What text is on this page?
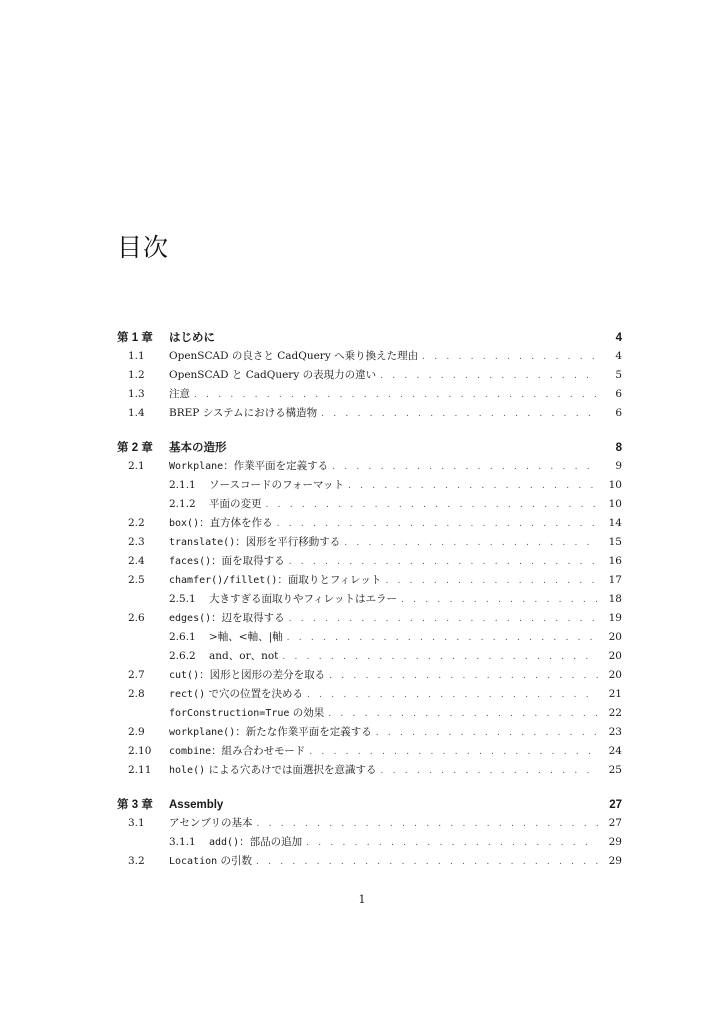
目次
第 1 章	はじめに	4
1.1	OpenSCAD の良さと CadQuery へ乗り換えた理由 . . .	4
1.2	OpenSCAD と CadQuery の表現力の違い . . .	5
1.3	注意 . . .	6
1.4	BREP システムにおける構造物 . . .	6
第 2 章	基本の造形	8
2.1	Workplane：作業平面を定義する . . .	9
2.1.1	ソースコードのフォーマット . . .	10
2.1.2	平面の変更 . . .	10
2.2	box()：直方体を作る . . .	14
2.3	translate()：図形を平行移動する . . .	15
2.4	faces()：面を取得する . . .	16
2.5	chamfer()/fillet()：面取りとフィレット . . .	17
2.5.1	大きすぎる面取りやフィレットはエラー . . .	18
2.6	edges()：辺を取得する . . .	19
2.6.1	>軸、<軸、|軸 . . .	20
2.6.2	and、or、not . . .	20
2.7	cut()：図形と図形の差分を取る . . .	20
2.8	rect() で穴の位置を決める . . .	21
forConstruction=True の効果 . . .	22
2.9	workplane()：新たな作業平面を定義する . . .	23
2.10	combine：組み合わせモード . . .	24
2.11	hole() による穴あけでは面選択を意識する . . .	25
第 3 章	Assembly	27
3.1	アセンブリの基本 . . .	27
3.1.1	add()：部品の追加 . . .	29
3.2	Location の引数 . . .	29
1
